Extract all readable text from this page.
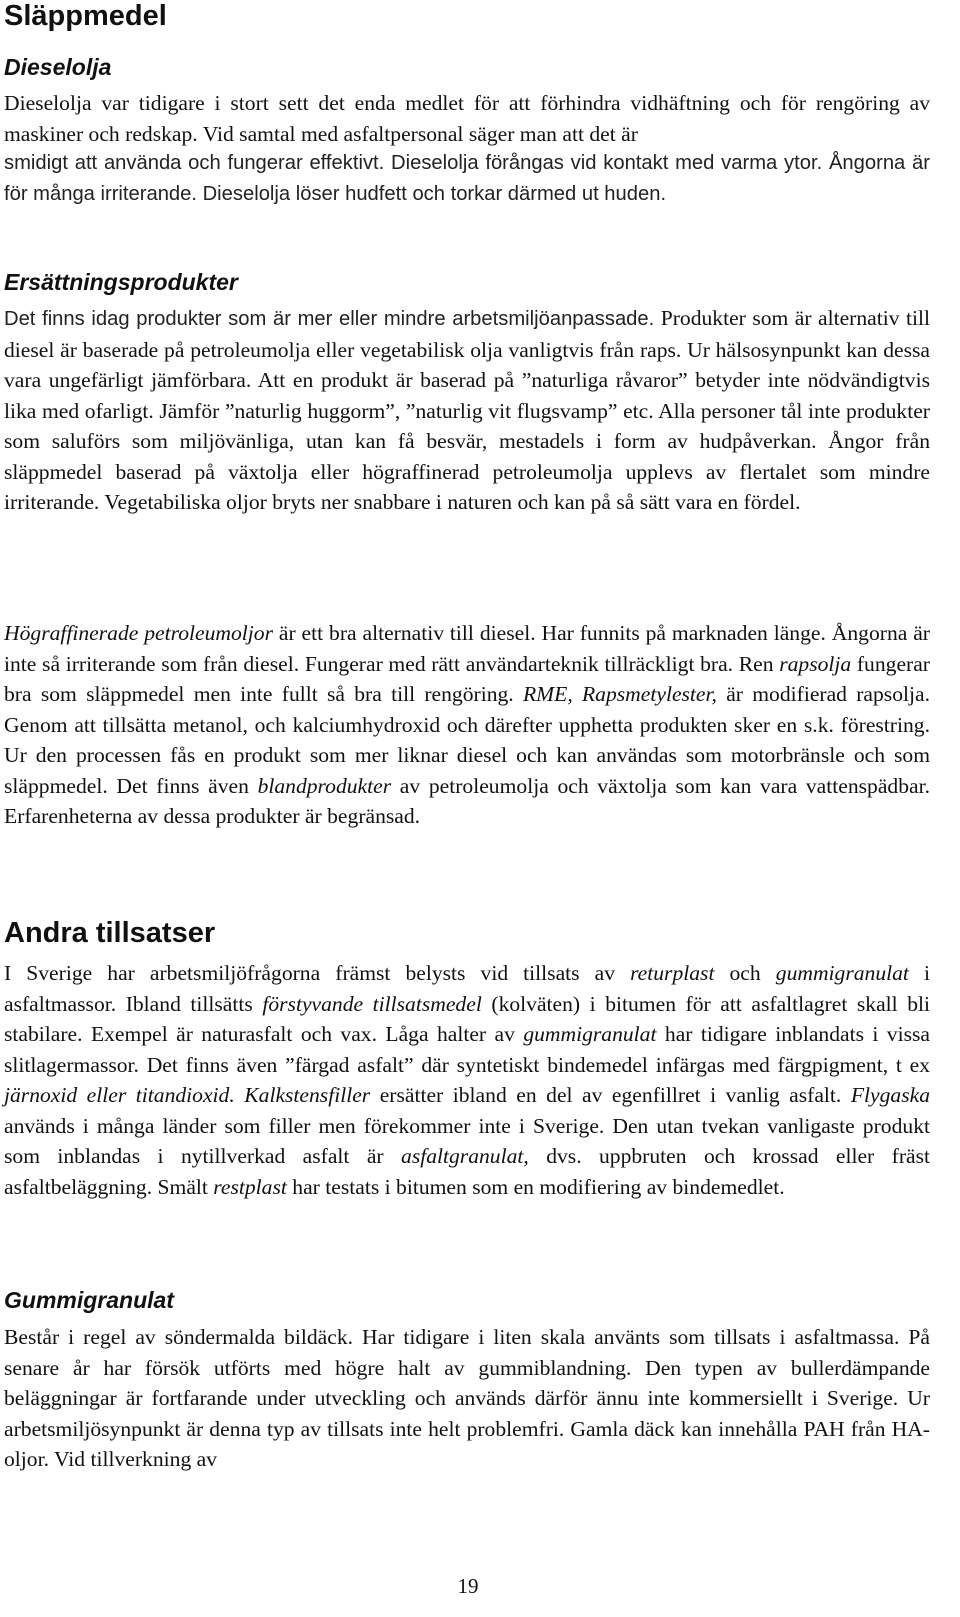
Släppmedel
Dieselolja

Dieselolja var tidigare i stort sett det enda medlet för att förhindra vidhäftning och för rengöring av maskiner och redskap. Vid samtal med asfaltpersonal säger man att det är

smidigt att använda och fungerar effektivt. Dieselolja förångas vid kontakt med varma ytor. Ångorna är för många irriterande. Dieselolja löser hudfett och torkar därmed ut huden.

Ersättningsprodukter

Det finns idag produkter som är mer eller mindre arbetsmiljöanpassade. Produkter som är alternativ till diesel är baserade på petroleumolja eller vegetabilisk olja vanligtvis från raps. Ur hälsosynpunkt kan dessa vara ungefärligt jämförbara. Att en produkt är baserad på ”naturliga råvaror” betyder inte nödvändigtvis lika med ofarligt. Jämför ”naturlig huggorm”, ”naturlig vit flugsvamp” etc. Alla personer tål inte produkter som saluförs som miljövänliga, utan kan få besvär, mestadels i form av hudpåverkan. Ångor från släppmedel baserad på växtolja eller högraffinerad petroleumolja upplevs av flertalet som mindre irriterande. Vegetabiliska oljor bryts ner snabbare i naturen och kan på så sätt vara en fördel.

Högraffinerade petroleumoljor är ett bra alternativ till diesel. Har funnits på marknaden länge. Ångorna är inte så irriterande som från diesel. Fungerar med rätt användarteknik tillräckligt bra. Ren rapsolja fungerar bra som släppmedel men inte fullt så bra till rengöring. RME, Rapsmetylester, är modifierad rapsolja. Genom att tillsätta metanol, och kalciumhydroxid och därefter upphetta produkten sker en s.k. förestring. Ur den processen fås en produkt som mer liknar diesel och kan användas som motorbränsle och som släppmedel. Det finns även blandprodukter av petroleumolja och växtolja som kan vara vattenspädbar. Erfarenheterna av dessa produkter är begränsad.

Andra tillsatser

I Sverige har arbetsmiljöfrågorna främst belysts vid tillsats av returplast och gummigranulat i asfaltmassor. Ibland tillsätts förstyvande tillsatsmedel (kolväten) i bitumen för att asfaltlagret skall bli stabilare. Exempel är naturasfalt och vax. Låga halter av gummigranulat har tidigare inblandats i vissa slitlagermassor. Det finns även ”färgad asfalt” där syntetiskt bindemedel infärgas med färgpigment, t ex järnoxid eller titandioxid. Kalkstensfiller ersätter ibland en del av egenfillret i vanlig asfalt. Flygaska används i många länder som filler men förekommer inte i Sverige. Den utan tvekan vanligaste produkt som inblandas i nytillverkad asfalt är asfaltgranulat, dvs. uppbruten och krossad eller fräst asfaltbeläggning. Smält restplast har testats i bitumen som en modifiering av bindemedlet.

Gummigranulat

Består i regel av söndermalda bildäck. Har tidigare i liten skala använts som tillsats i asfaltmassa. På senare år har försök utförts med högre halt av gummiblandning. Den typen av bullerdämpande beläggningar är fortfarande under utveckling och används därför ännu inte kommersiellt i Sverige. Ur arbetsmiljösynpunkt är denna typ av tillsats inte helt problemfri. Gamla däck kan innehålla PAH från HA-oljor. Vid tillverkning av

19
